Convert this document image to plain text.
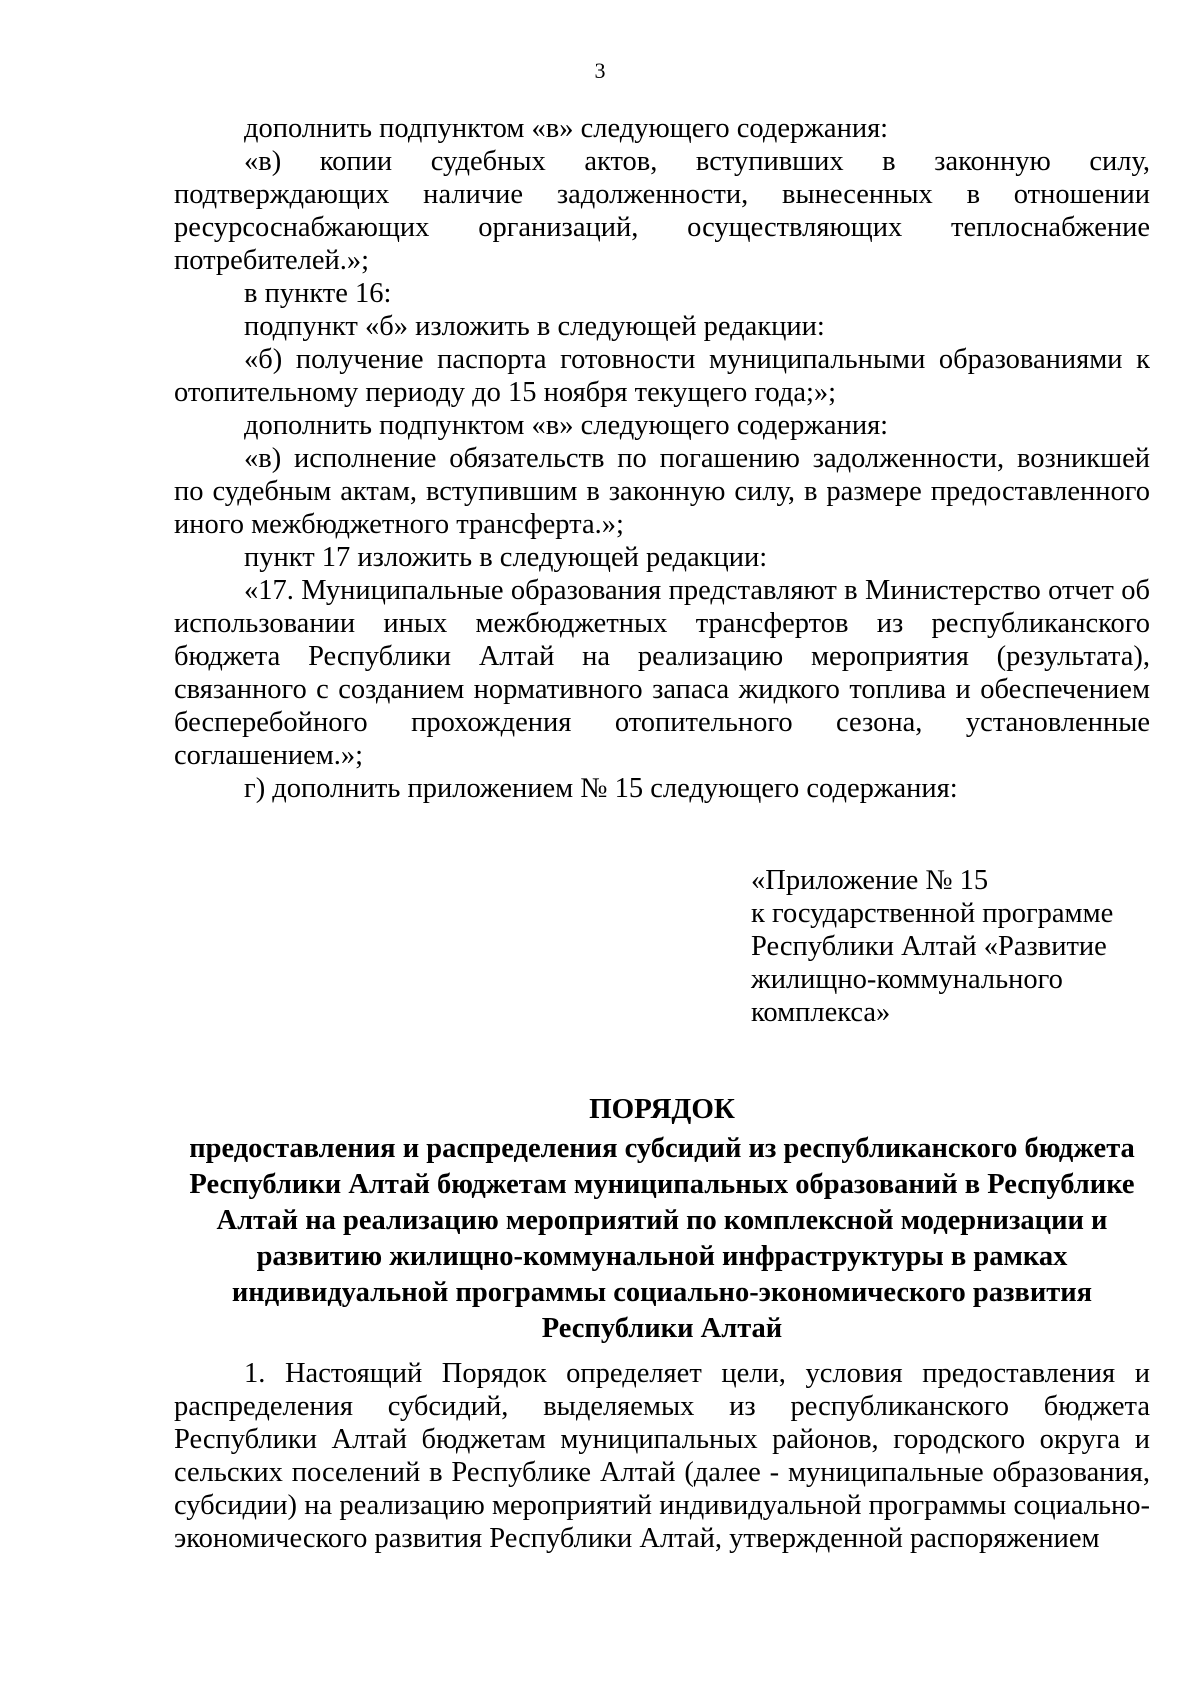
3

дополнить подпунктом «в» следующего содержания:

«в) копии судебных актов, вступивших в законную силу, подтверждающих наличие задолженности, вынесенных в отношении ресурсоснабжающих организаций, осуществляющих теплоснабжение потребителей.»;

в пункте 16:

подпункт «б» изложить в следующей редакции:

«б) получение паспорта готовности муниципальными образованиями к отопительному периоду до 15 ноября текущего года;»;

дополнить подпунктом «в» следующего содержания:

«в) исполнение обязательств по погашению задолженности, возникшей по судебным актам, вступившим в законную силу, в размере предоставленного иного межбюджетного трансферта.»;

пункт 17 изложить в следующей редакции:

«17. Муниципальные образования представляют в Министерство отчет об использовании иных межбюджетных трансфертов из республиканского бюджета Республики Алтай на реализацию мероприятия (результата), связанного с созданием нормативного запаса жидкого топлива и обеспечением бесперебойного прохождения отопительного сезона, установленные соглашением.»;

г) дополнить приложением № 15 следующего содержания:

«Приложение № 15
к государственной программе
Республики Алтай «Развитие
жилищно-коммунального
комплекса»
ПОРЯДОК
предоставления и распределения субсидий из республиканского бюджета
Республики Алтай бюджетам муниципальных образований в Республике
Алтай на реализацию мероприятий по комплексной модернизации и
развитию жилищно-коммунальной инфраструктуры в рамках
индивидуальной программы социально-экономического развития
Республики Алтай

1. Настоящий Порядок определяет цели, условия предоставления и распределения субсидий, выделяемых из республиканского бюджета Республики Алтай бюджетам муниципальных районов, городского округа и сельских поселений в Республике Алтай (далее - муниципальные образования, субсидии) на реализацию мероприятий индивидуальной программы социально-экономического развития Республики Алтай, утвержденной распоряжением
